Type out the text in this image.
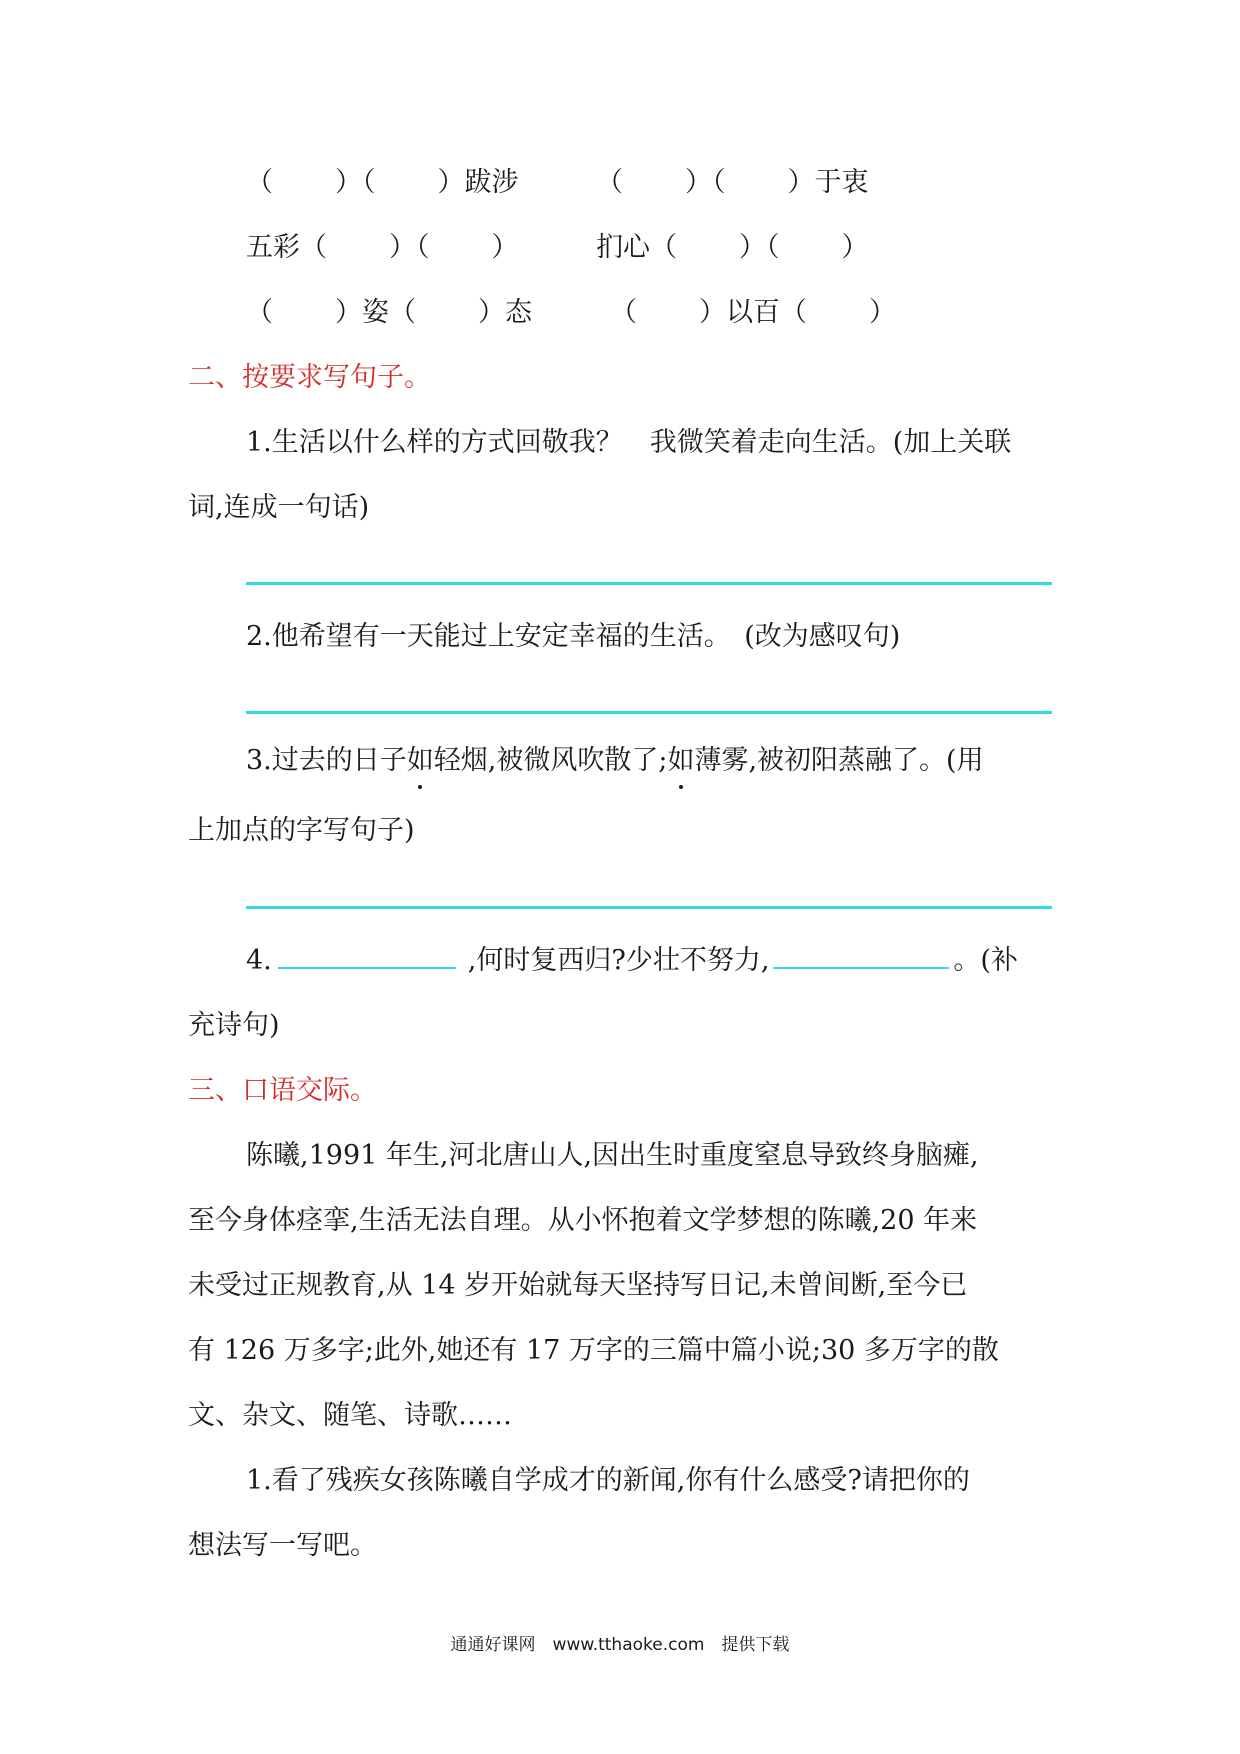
（ ）（ ）跋涉	（ ）（ ）于衷
五彩（ ）（ ）	扪心（ ）（ ）
（ ）姿（ ）态	（ ）以百（ ）
二、按要求写句子。
1.生活以什么样的方式回敬我？　我微笑着走向生活。(加上关联
词,连成一句话)
2.他希望有一天能过上安定幸福的生活。　(改为感叹句)
3.过去的日子如轻烟,被微风吹散了;如薄雾,被初阳蒸融了。(用
上加点的字写句子)
4.	,何时复西归?少壮不努力,	。(补
充诗句)
三、口语交际。
陈曦,1991 年生,河北唐山人,因出生时重度窒息导致终身脑瘫,
至今身体痉挛,生活无法自理。从小怀抱着文学梦想的陈曦,20 年来
未受过正规教育,从 14 岁开始就每天坚持写日记,未曾间断,至今已
有 126 万多字;此外,她还有 17 万字的三篇中篇小说;30 多万字的散
文、杂文、随笔、诗歌……
1.看了残疾女孩陈曦自学成才的新闻,你有什么感受?请把你的
想法写一写吧。
通通好课网　www.tthaoke.com　提供下载
